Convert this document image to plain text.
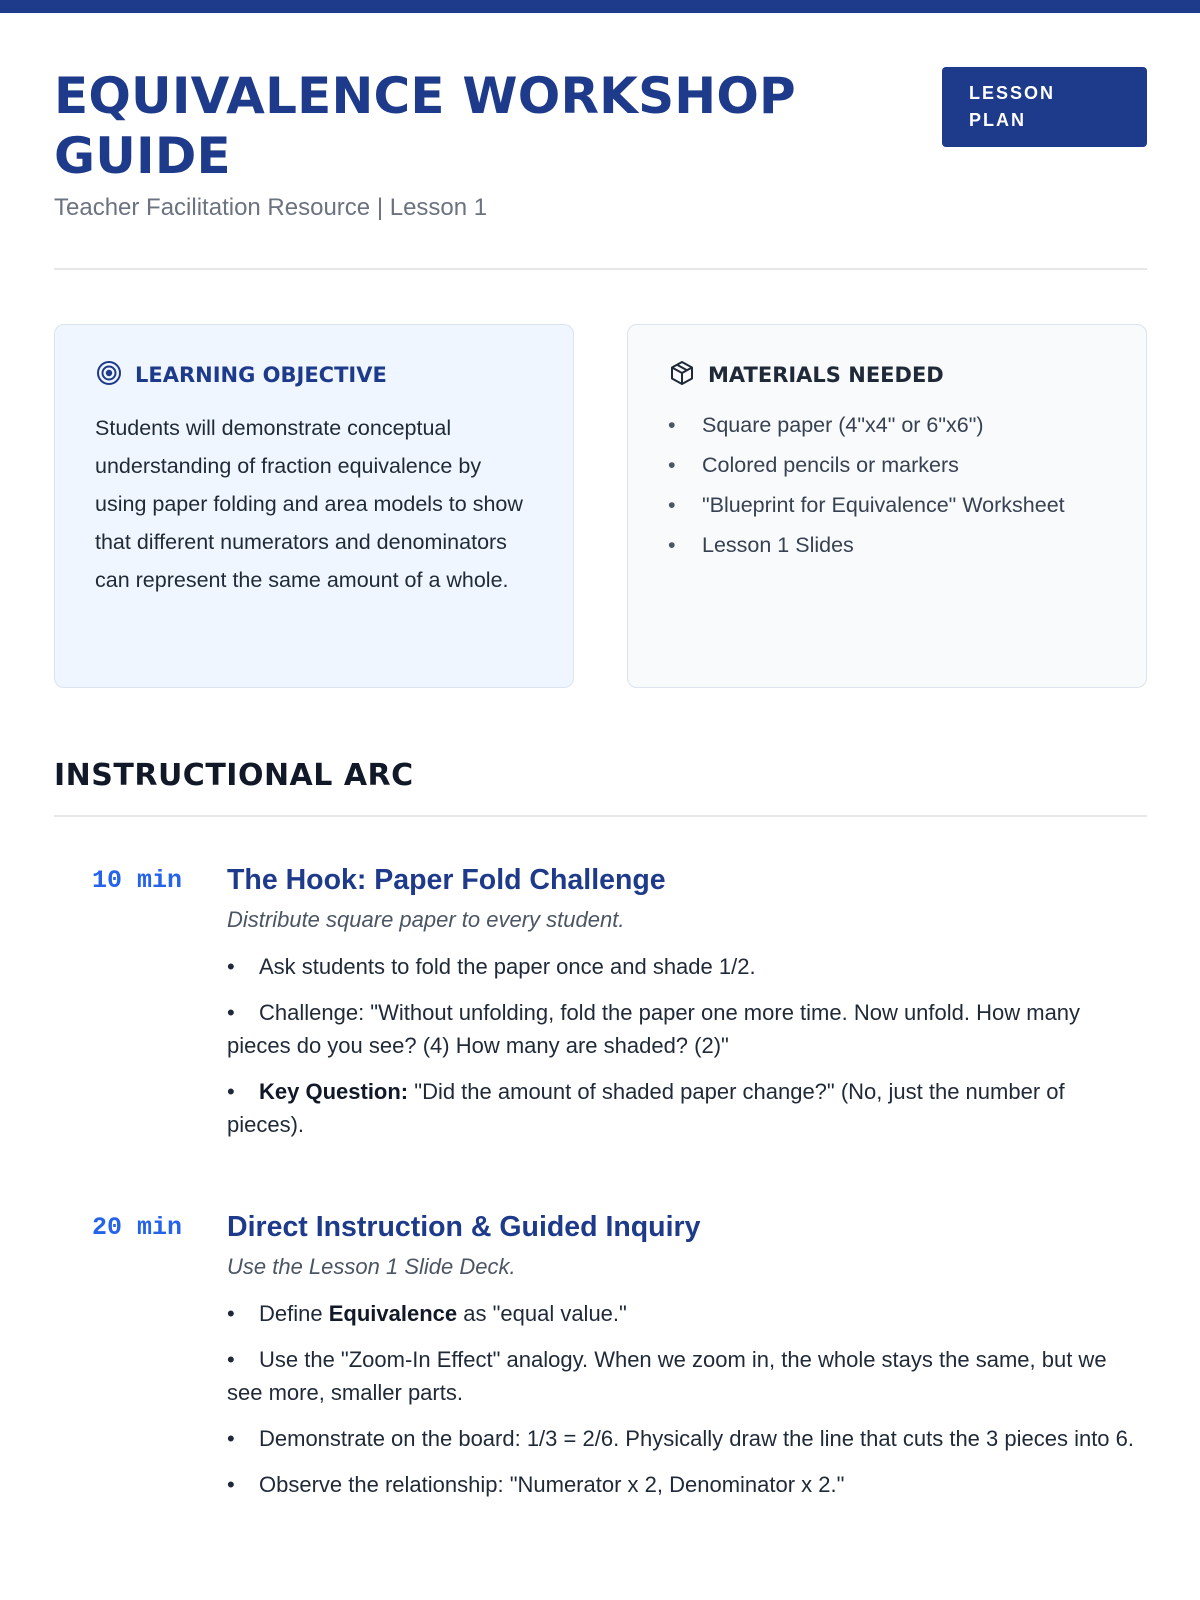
EQUIVALENCE WORKSHOP GUIDE
Teacher Facilitation Resource | Lesson 1
LESSON
PLAN
LEARNING OBJECTIVE

Students will demonstrate conceptual understanding of fraction equivalence by using paper folding and area models to show that different numerators and denominators can represent the same amount of a whole.

MATERIALS NEEDED
• Square paper (4"x4" or 6"x6")
• Colored pencils or markers
• "Blueprint for Equivalence" Worksheet
• Lesson 1 Slides
INSTRUCTIONAL ARC
10 min The Hook: Paper Fold Challenge
Distribute square paper to every student.
• Ask students to fold the paper once and shade 1/2.
• Challenge: "Without unfolding, fold the paper one more time. Now unfold. How many pieces do you see? (4) How many are shaded? (2)"
• Key Question: "Did the amount of shaded paper change?" (No, just the number of pieces).
20 min Direct Instruction & Guided Inquiry
Use the Lesson 1 Slide Deck.
• Define Equivalence as "equal value."
• Use the "Zoom-In Effect" analogy. When we zoom in, the whole stays the same, but we see more, smaller parts.
• Demonstrate on the board: 1/3 = 2/6. Physically draw the line that cuts the 3 pieces into 6.
• Observe the relationship: "Numerator x 2, Denominator x 2."
